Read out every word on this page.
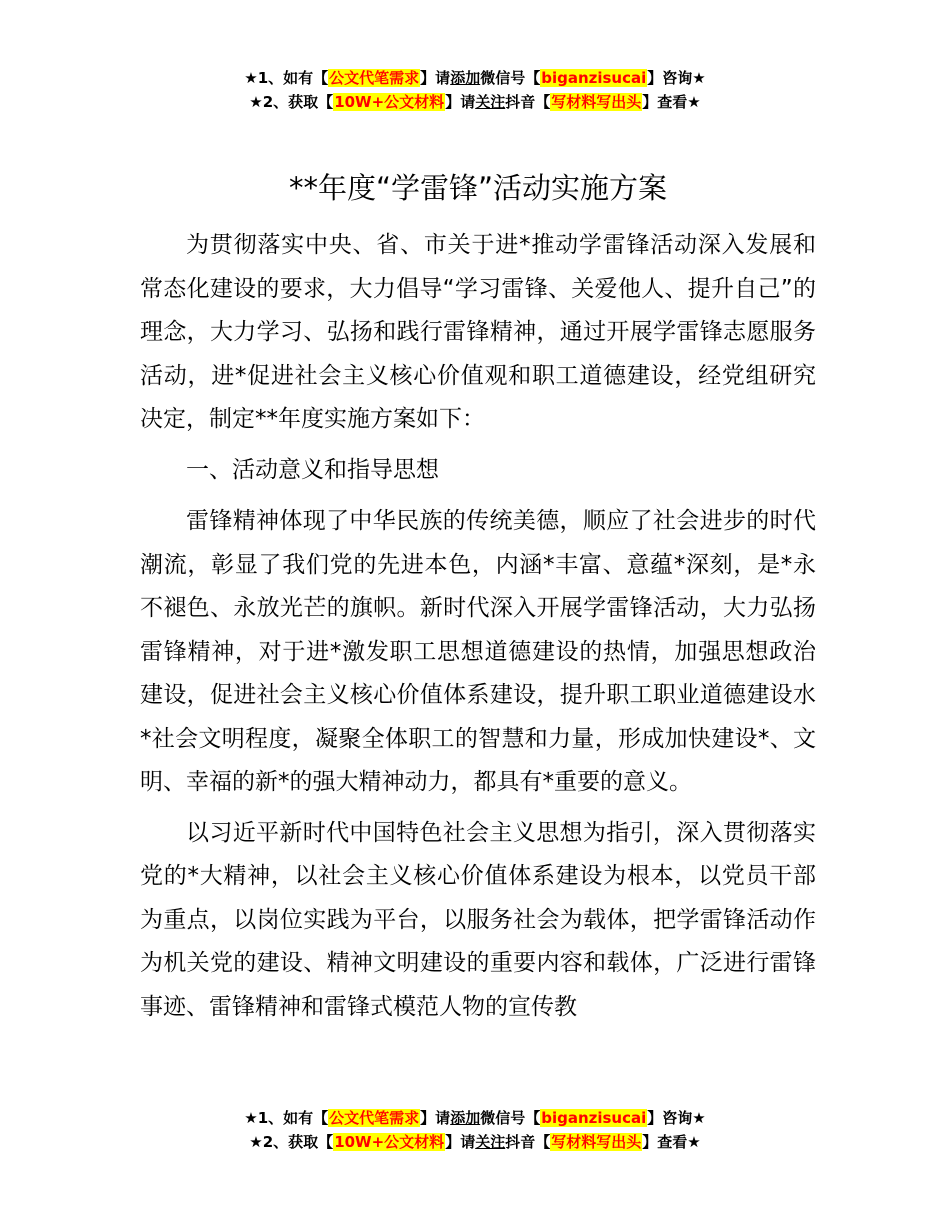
★1、如有【公文代笔需求】请添加微信号【biganzisucai】咨询★
★2、获取【10W+公文材料】请关注抖音【写材料写出头】查看★
**年度“学雷锋”活动实施方案

为贯彻落实中央、省、市关于进*推动学雷锋活动深入发展和常态化建设的要求，大力倡导“学习雷锋、关爱他人、提升自己”的理念，大力学习、弘扬和践行雷锋精神，通过开展学雷锋志愿服务活动，进*促进社会主义核心价值观和职工道德建设，经党组研究决定，制定**年度实施方案如下：

一、活动意义和指导思想

雷锋精神体现了中华民族的传统美德，顺应了社会进步的时代潮流，彰显了我们党的先进本色，内涵*丰富、意蕴*深刻，是*永不褪色、永放光芒的旗帜。新时代深入开展学雷锋活动，大力弘扬雷锋精神，对于进*激发职工思想道德建设的热情，加强思想政治建设，促进社会主义核心价值体系建设，提升职工职业道德建设水*社会文明程度，凝聚全体职工的智慧和力量，形成加快建设*、文明、幸福的新*的强大精神动力，都具有*重要的意义。

以习近平新时代中国特色社会主义思想为指引，深入贯彻落实党的*大精神，以社会主义核心价值体系建设为根本，以党员干部为重点，以岗位实践为平台，以服务社会为载体，把学雷锋活动作为机关党的建设、精神文明建设的重要内容和载体，广泛进行雷锋事迹、雷锋精神和雷锋式模范人物的宣传教

★1、如有【公文代笔需求】请添加微信号【biganzisucai】咨询★
★2、获取【10W+公文材料】请关注抖音【写材料写出头】查看★
